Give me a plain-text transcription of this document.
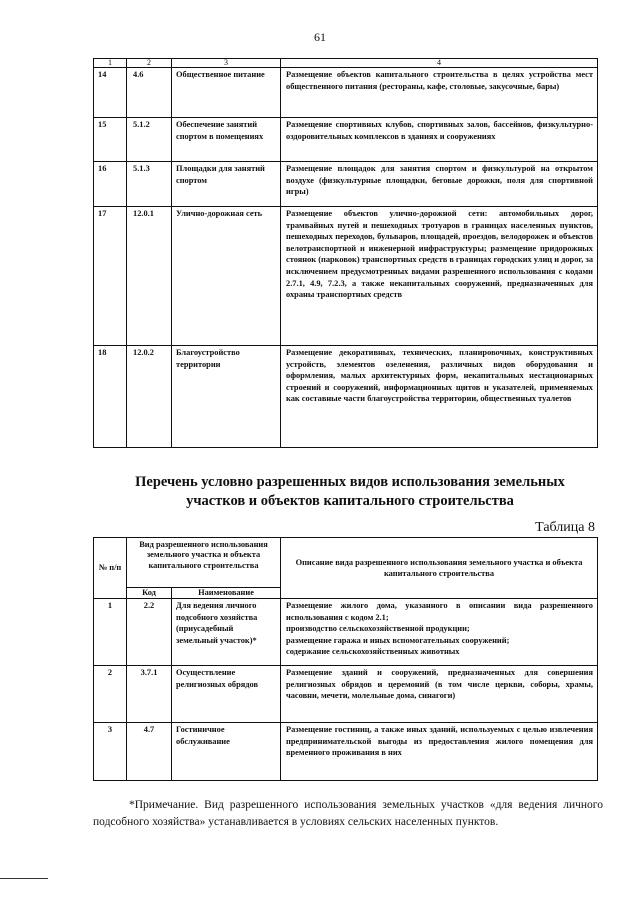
61
1	2	3	4
14	4.6	Общественное питание	Размещение объектов капитального строительства в целях устройства мест общественного питания (рестораны, кафе, столовые, закусочные, бары)
15	5.1.2	Обеспечение занятий спортом в помещениях	Размещение спортивных клубов, спортивных залов, бассейнов, физкультурно-оздоровительных комплексов в зданиях и сооружениях
16	5.1.3	Площадки для занятий спортом	Размещение площадок для занятия спортом и физкультурой на открытом воздухе (физкультурные площадки, беговые дорожки, поля для спортивной игры)
17	12.0.1	Улично-дорожная сеть	Размещение объектов улично-дорожной сети: автомобильных дорог, трамвайных путей и пешеходных тротуаров в границах населенных пунктов, пешеходных переходов, бульваров, площадей, проездов, велодорожек и объектов велотранспортной и инженерной инфраструктуры; размещение придорожных стоянок (парковок) транспортных средств в границах городских улиц и дорог, за исключением предусмотренных видами разрешенного использования с кодами 2.7.1, 4.9, 7.2.3, а также некапитальных сооружений, предназначенных для охраны транспортных средств
18	12.0.2	Благоустройство территории	Размещение декоративных, технических, планировочных, конструктивных устройств, элементов озеленения, различных видов оборудования и оформления, малых архитектурных форм, некапитальных нестационарных строений и сооружений, информационных щитов и указателей, применяемых как составные части благоустройства территории, общественных туалетов
Перечень условно разрешенных видов использования земельных
участков и объектов капитального строительства
Таблица 8
№ п/п	Вид разрешенного использования земельного участка и объекта капитального строительства		Описание вида разрешенного использования земельного участка и объекта капитального строительства
	Код	Наименование	
1	2.2	Для ведения личного подсобного хозяйства (приусадебный земельный участок)*	Размещение жилого дома, указанного в описании вида разрешенного использования с кодом 2.1;
производство сельскохозяйственной продукции;
размещение гаража и иных вспомогательных сооружений;
содержание сельскохозяйственных животных

2	3.7.1	Осуществление религиозных обрядов	Размещение зданий и сооружений, предназначенных для совершения религиозных обрядов и церемоний (в том числе церкви, соборы, храмы, часовни, мечети, молельные дома, синагоги)
3	4.7	Гостиничное обслуживание	Размещение гостиниц, а также иных зданий, используемых с целью извлечения предпринимательской выгоды из предоставления жилого помещения для временного проживания в них
*Примечание. Вид разрешенного использования земельных участков «для ведения личного подсобного хозяйства» устанавливается в условиях сельских населенных пунктов.
